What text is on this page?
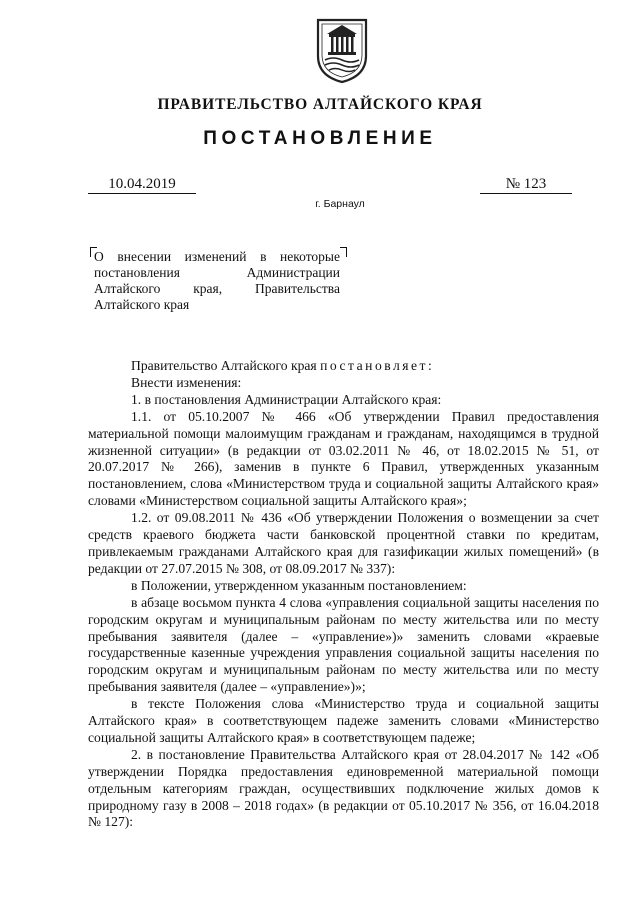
ПРАВИТЕЛЬСТВО АЛТАЙСКОГО КРАЯ
ПОСТАНОВЛЕНИЕ
10.04.2019	№ 123
г. Барнаул

О внесении изменений в некоторые постановления Администрации Алтайского края, Правительства Алтайского края

Правительство Алтайского края постановляет:

Внести изменения:

1. в постановления Администрации Алтайского края:

1.1. от 05.10.2007 № 466 «Об утверждении Правил предоставления материальной помощи малоимущим гражданам и гражданам, находящимся в трудной жизненной ситуации» (в редакции от 03.02.2011 № 46, от 18.02.2015 № 51, от 20.07.2017 № 266), заменив в пункте 6 Правил, утвержденных указанным постановлением, слова «Министерством труда и социальной защиты Алтайского края» словами «Министерством социальной защиты Алтайского края»;

1.2. от 09.08.2011 № 436 «Об утверждении Положения о возмещении за счет средств краевого бюджета части банковской процентной ставки по кредитам, привлекаемым гражданами Алтайского края для газификации жилых помещений» (в редакции от 27.07.2015 № 308, от 08.09.2017 № 337):

в Положении, утвержденном указанным постановлением:

в абзаце восьмом пункта 4 слова «управления социальной защиты населения по городским округам и муниципальным районам по месту жительства или по месту пребывания заявителя (далее – «управление»)» заменить словами «краевые государственные казенные учреждения управления социальной защиты населения по городским округам и муниципальным районам по месту жительства или по месту пребывания заявителя (далее – «управление»)»;

в тексте Положения слова «Министерство труда и социальной защиты Алтайского края» в соответствующем падеже заменить словами «Министерство социальной защиты Алтайского края» в соответствующем падеже;

2. в постановление Правительства Алтайского края от 28.04.2017 № 142 «Об утверждении Порядка предоставления единовременной материальной помощи отдельным категориям граждан, осуществивших подключение жилых домов к природному газу в 2008 – 2018 годах» (в редакции от 05.10.2017 № 356, от 16.04.2018 № 127):
